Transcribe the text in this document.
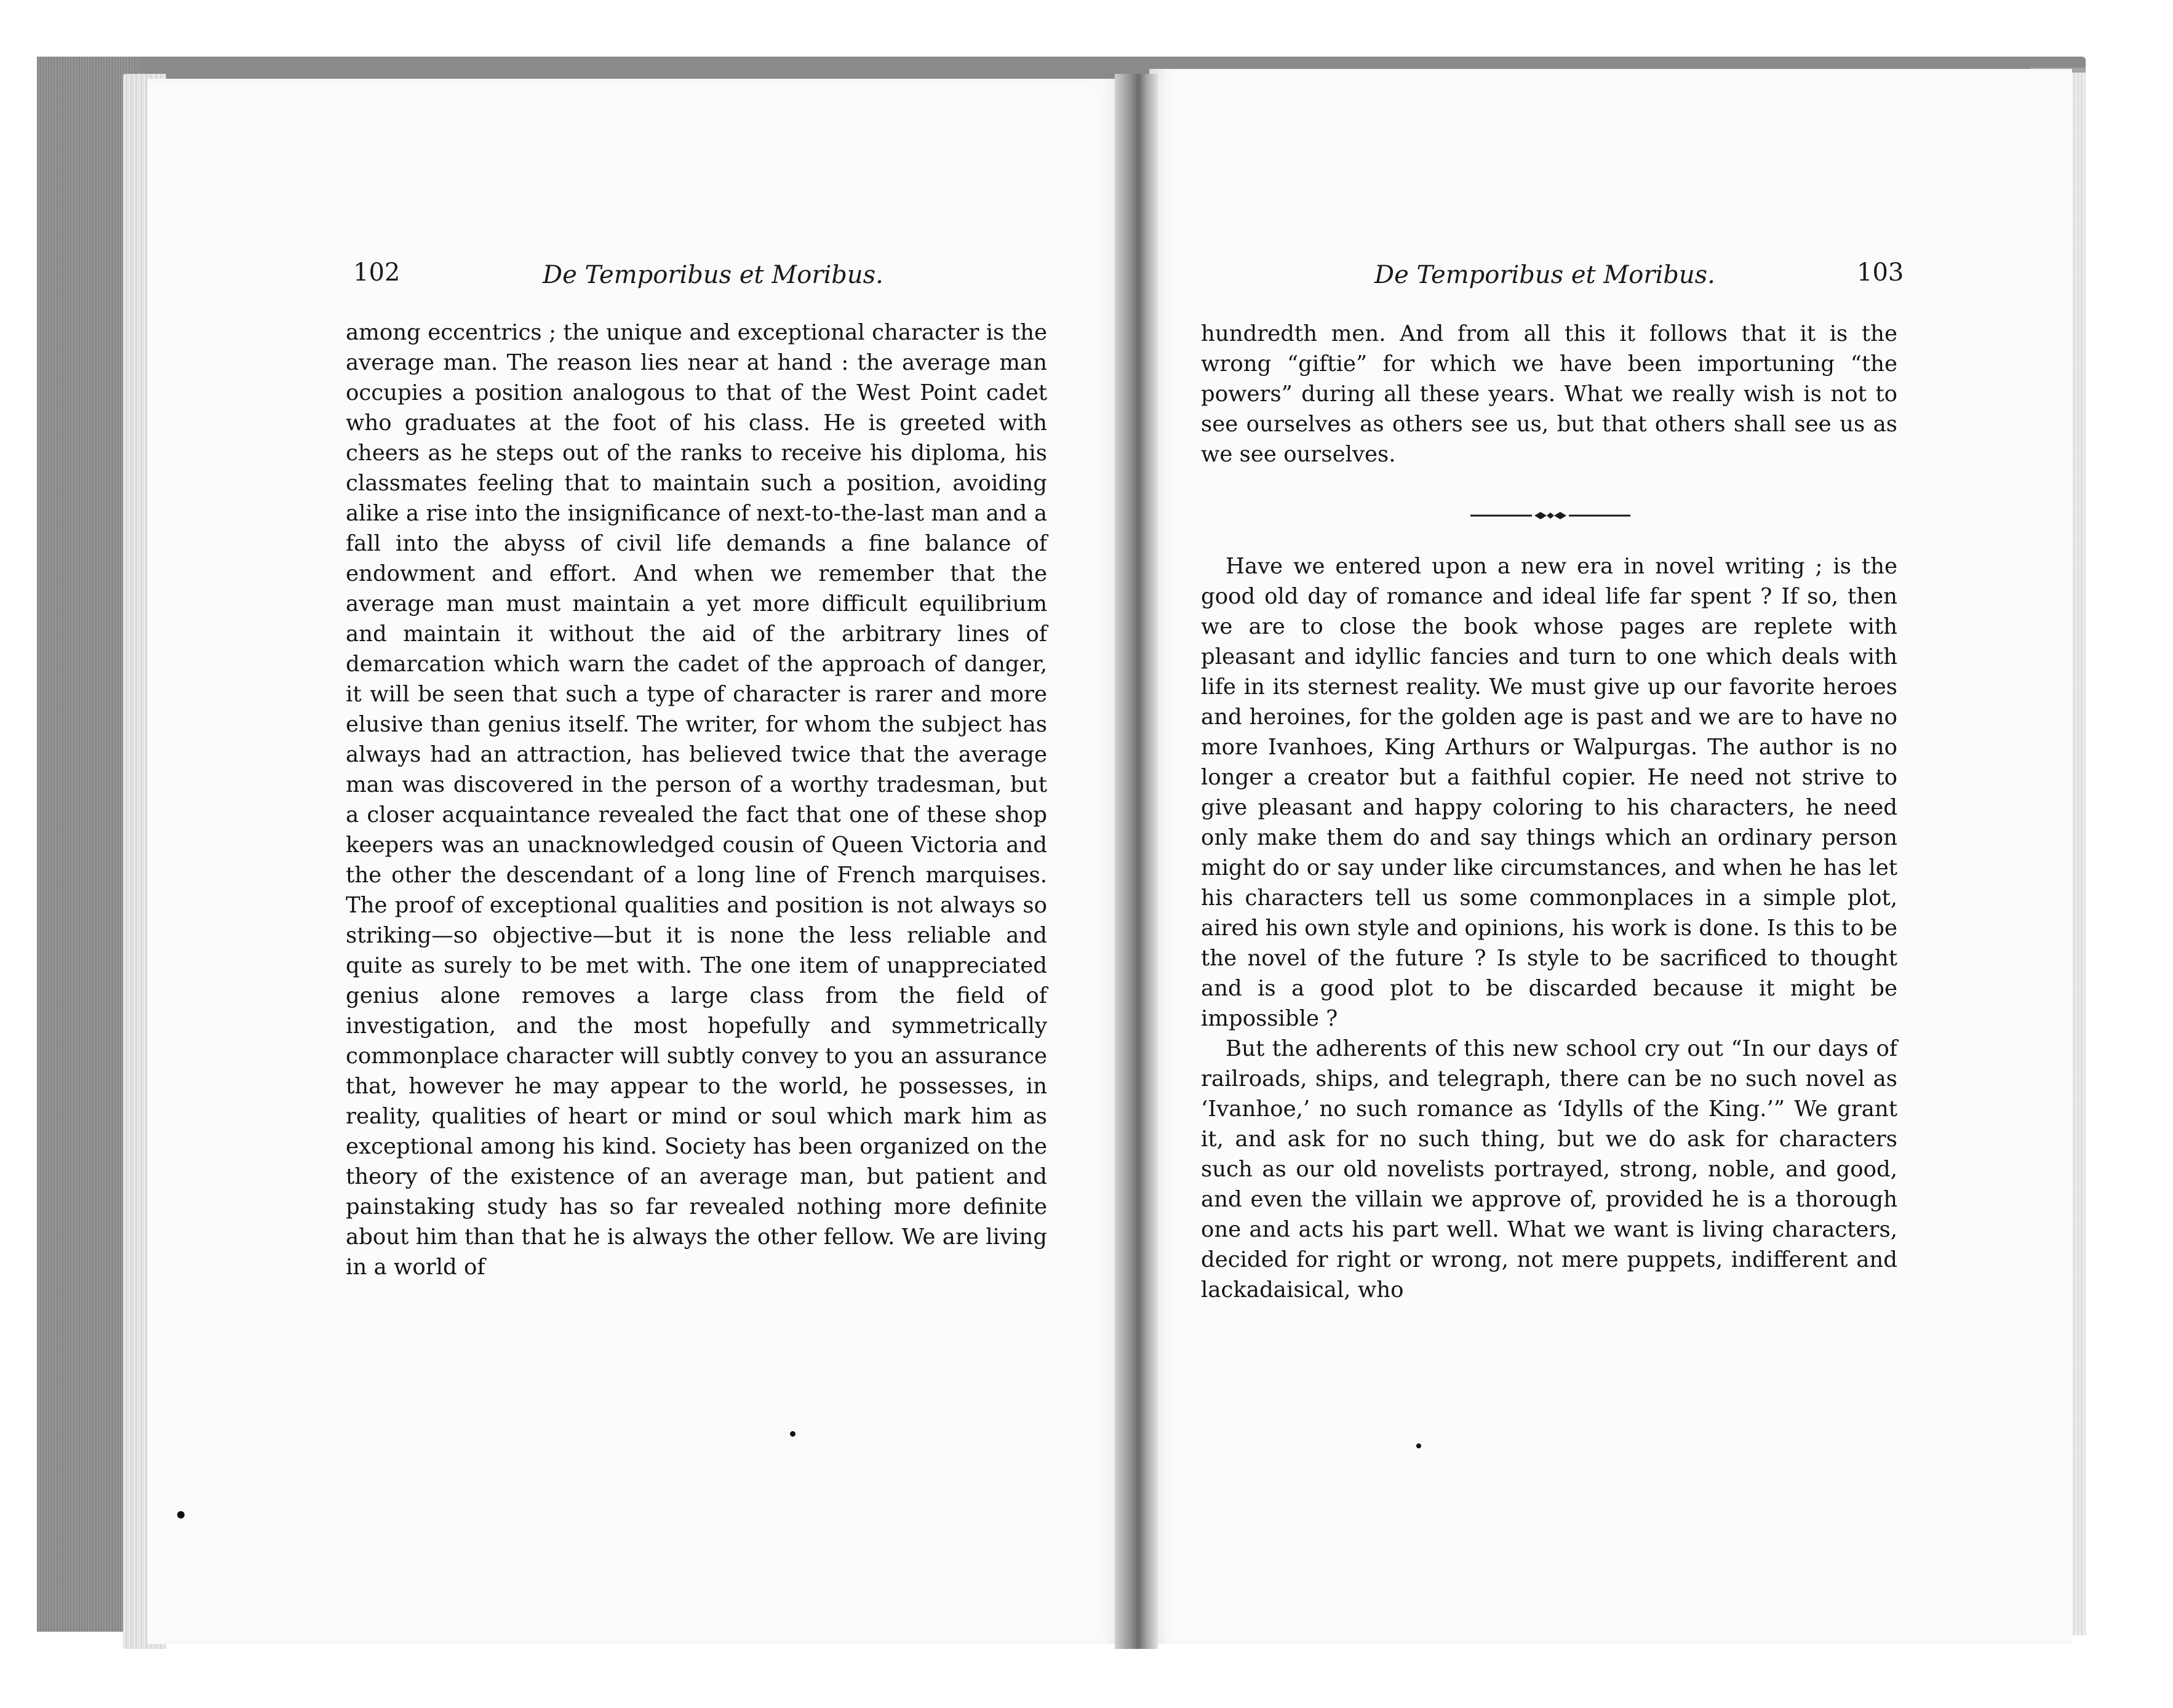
102	De Temporibus et Moribus.

among eccentrics ; the unique and exceptional character is the average man. The reason lies near at hand : the average man occupies a position analogous to that of the West Point cadet who graduates at the foot of his class. He is greeted with cheers as he steps out of the ranks to receive his diploma, his classmates feeling that to maintain such a position, avoiding alike a rise into the insignificance of next-to-the-last man and a fall into the abyss of civil life demands a fine balance of endowment and effort. And when we remember that the average man must maintain a yet more difficult equilibrium and maintain it without the aid of the arbitrary lines of demarcation which warn the cadet of the approach of danger, it will be seen that such a type of character is rarer and more elusive than genius itself. The writer, for whom the subject has always had an attraction, has believed twice that the average man was discovered in the person of a worthy tradesman, but a closer acquaintance revealed the fact that one of these shop keepers was an unacknowledged cousin of Queen Victoria and the other the descendant of a long line of French marquises. The proof of exceptional qualities and position is not always so striking—so objective—but it is none the less reliable and quite as surely to be met with. The one item of unappreciated genius alone removes a large class from the field of investigation, and the most hopefully and symmetrically commonplace character will subtly convey to you an assurance that, however he may appear to the world, he possesses, in reality, qualities of heart or mind or soul which mark him as exceptional among his kind. Society has been organized on the theory of the existence of an average man, but patient and painstaking study has so far revealed nothing more definite about him than that he is always the other fellow. We are living in a world of

De Temporibus et Moribus.	103

hundredth men. And from all this it follows that it is the wrong “giftie” for which we have been importuning “the powers” during all these years. What we really wish is not to see ourselves as others see us, but that others shall see us as we see ourselves.

Have we entered upon a new era in novel writing ; is the good old day of romance and ideal life far spent ? If so, then we are to close the book whose pages are replete with pleasant and idyllic fancies and turn to one which deals with life in its sternest reality. We must give up our favorite heroes and heroines, for the golden age is past and we are to have no more Ivanhoes, King Arthurs or Walpurgas. The author is no longer a creator but a faithful copier. He need not strive to give pleasant and happy coloring to his characters, he need only make them do and say things which an ordinary person might do or say under like circumstances, and when he has let his characters tell us some commonplaces in a simple plot, aired his own style and opinions, his work is done. Is this to be the novel of the future ? Is style to be sacrificed to thought and is a good plot to be discarded because it might be impossible ?

But the adherents of this new school cry out “In our days of railroads, ships, and telegraph, there can be no such novel as ‘Ivanhoe,’ no such romance as ‘Idylls of the King.’” We grant it, and ask for no such thing, but we do ask for characters such as our old novelists portrayed, strong, noble, and good, and even the villain we approve of, provided he is a thorough one and acts his part well. What we want is living characters, decided for right or wrong, not mere puppets, indifferent and lackadaisical, who
